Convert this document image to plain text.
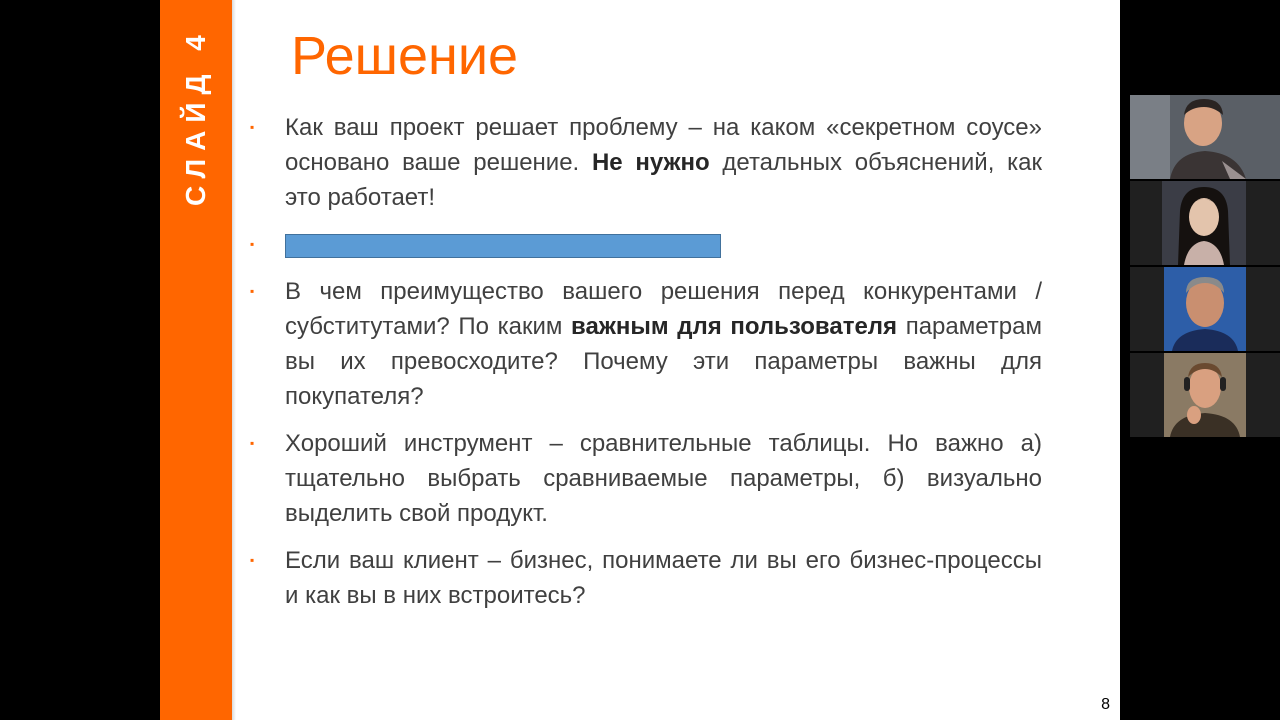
СЛАЙД 4 Решение
▪ Как ваш проект решает проблему – на каком «секретном соусе» основано ваше решение. Не нужно детальных объяснений, как это работает!
▪
▪ В чем преимущество вашего решения перед конкурентами / субститутами? По каким важным для пользователя параметрам вы их превосходите? Почему эти параметры важны для покупателя?
▪ Хороший инструмент – сравнительные таблицы. Но важно а) тщательно выбрать сравниваемые параметры, б) визуально выделить свой продукт.
▪ Если ваш клиент – бизнес, понимаете ли вы его бизнес-процессы и как вы в них встроитесь?
8
